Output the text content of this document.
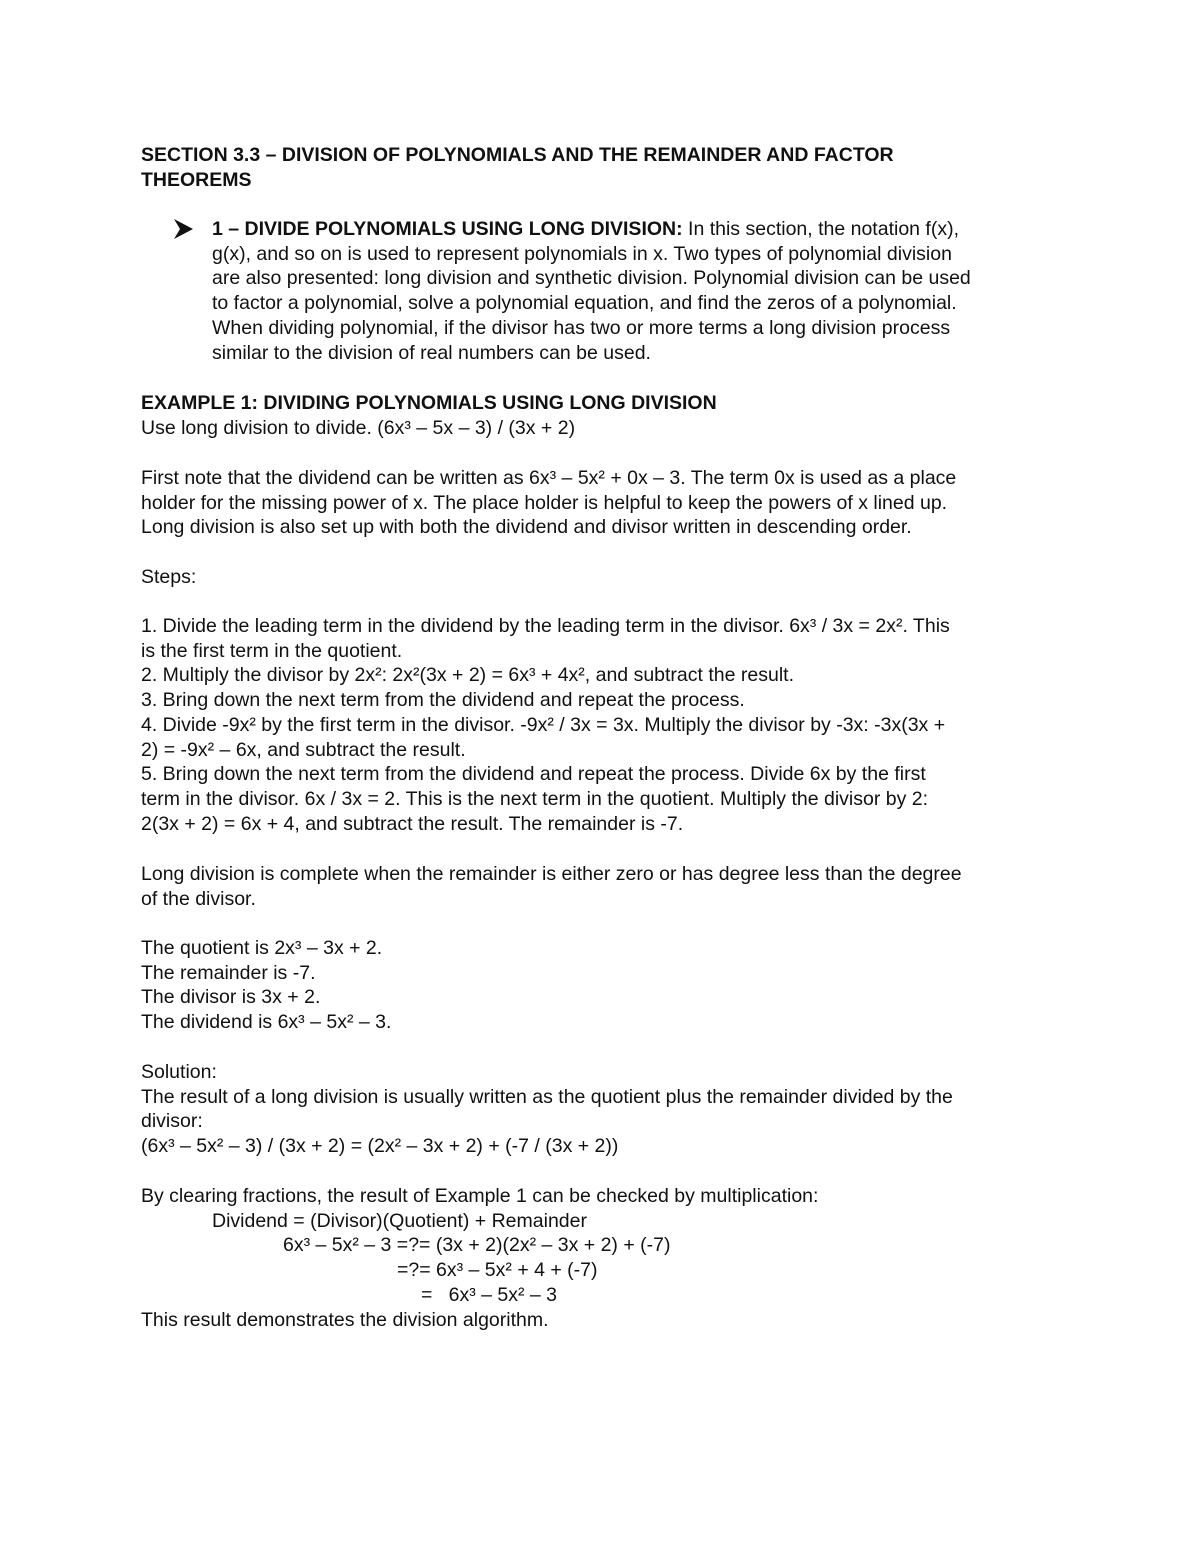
SECTION 3.3 – DIVISION OF POLYNOMIALS AND THE REMAINDER AND FACTOR
THEOREMS
1 – DIVIDE POLYNOMIALS USING LONG DIVISION: In this section, the notation f(x),
g(x), and so on is used to represent polynomials in x. Two types of polynomial division
are also presented: long division and synthetic division. Polynomial division can be used
to factor a polynomial, solve a polynomial equation, and find the zeros of a polynomial.
When dividing polynomial, if the divisor has two or more terms a long division process
similar to the division of real numbers can be used.
EXAMPLE 1: DIVIDING POLYNOMIALS USING LONG DIVISION
Use long division to divide. (6x³ – 5x – 3) / (3x + 2)
First note that the dividend can be written as 6x³ – 5x² + 0x – 3. The term 0x is used as a place
holder for the missing power of x. The place holder is helpful to keep the powers of x lined up.
Long division is also set up with both the dividend and divisor written in descending order.
Steps:
1. Divide the leading term in the dividend by the leading term in the divisor. 6x³ / 3x = 2x². This
is the first term in the quotient.
2. Multiply the divisor by 2x²: 2x²(3x + 2) = 6x³ + 4x², and subtract the result.
3. Bring down the next term from the dividend and repeat the process.
4. Divide -9x² by the first term in the divisor. -9x² / 3x = 3x. Multiply the divisor by -3x: -3x(3x +
2) = -9x² – 6x, and subtract the result.
5. Bring down the next term from the dividend and repeat the process. Divide 6x by the first
term in the divisor. 6x / 3x = 2. This is the next term in the quotient. Multiply the divisor by 2:
2(3x + 2) = 6x + 4, and subtract the result. The remainder is -7.
Long division is complete when the remainder is either zero or has degree less than the degree
of the divisor.
The quotient is 2x³ – 3x + 2.
The remainder is -7.
The divisor is 3x + 2.
The dividend is 6x³ – 5x² – 3.
Solution:
The result of a long division is usually written as the quotient plus the remainder divided by the
divisor:
(6x³ – 5x² – 3) / (3x + 2) = (2x² – 3x + 2) + (-7 / (3x + 2))
By clearing fractions, the result of Example 1 can be checked by multiplication:
Dividend = (Divisor)(Quotient) + Remainder
6x³ – 5x² – 3 =?= (3x + 2)(2x² – 3x + 2) + (-7)
=?= 6x³ – 5x² + 4 + (-7)
=   6x³ – 5x² – 3
This result demonstrates the division algorithm.
